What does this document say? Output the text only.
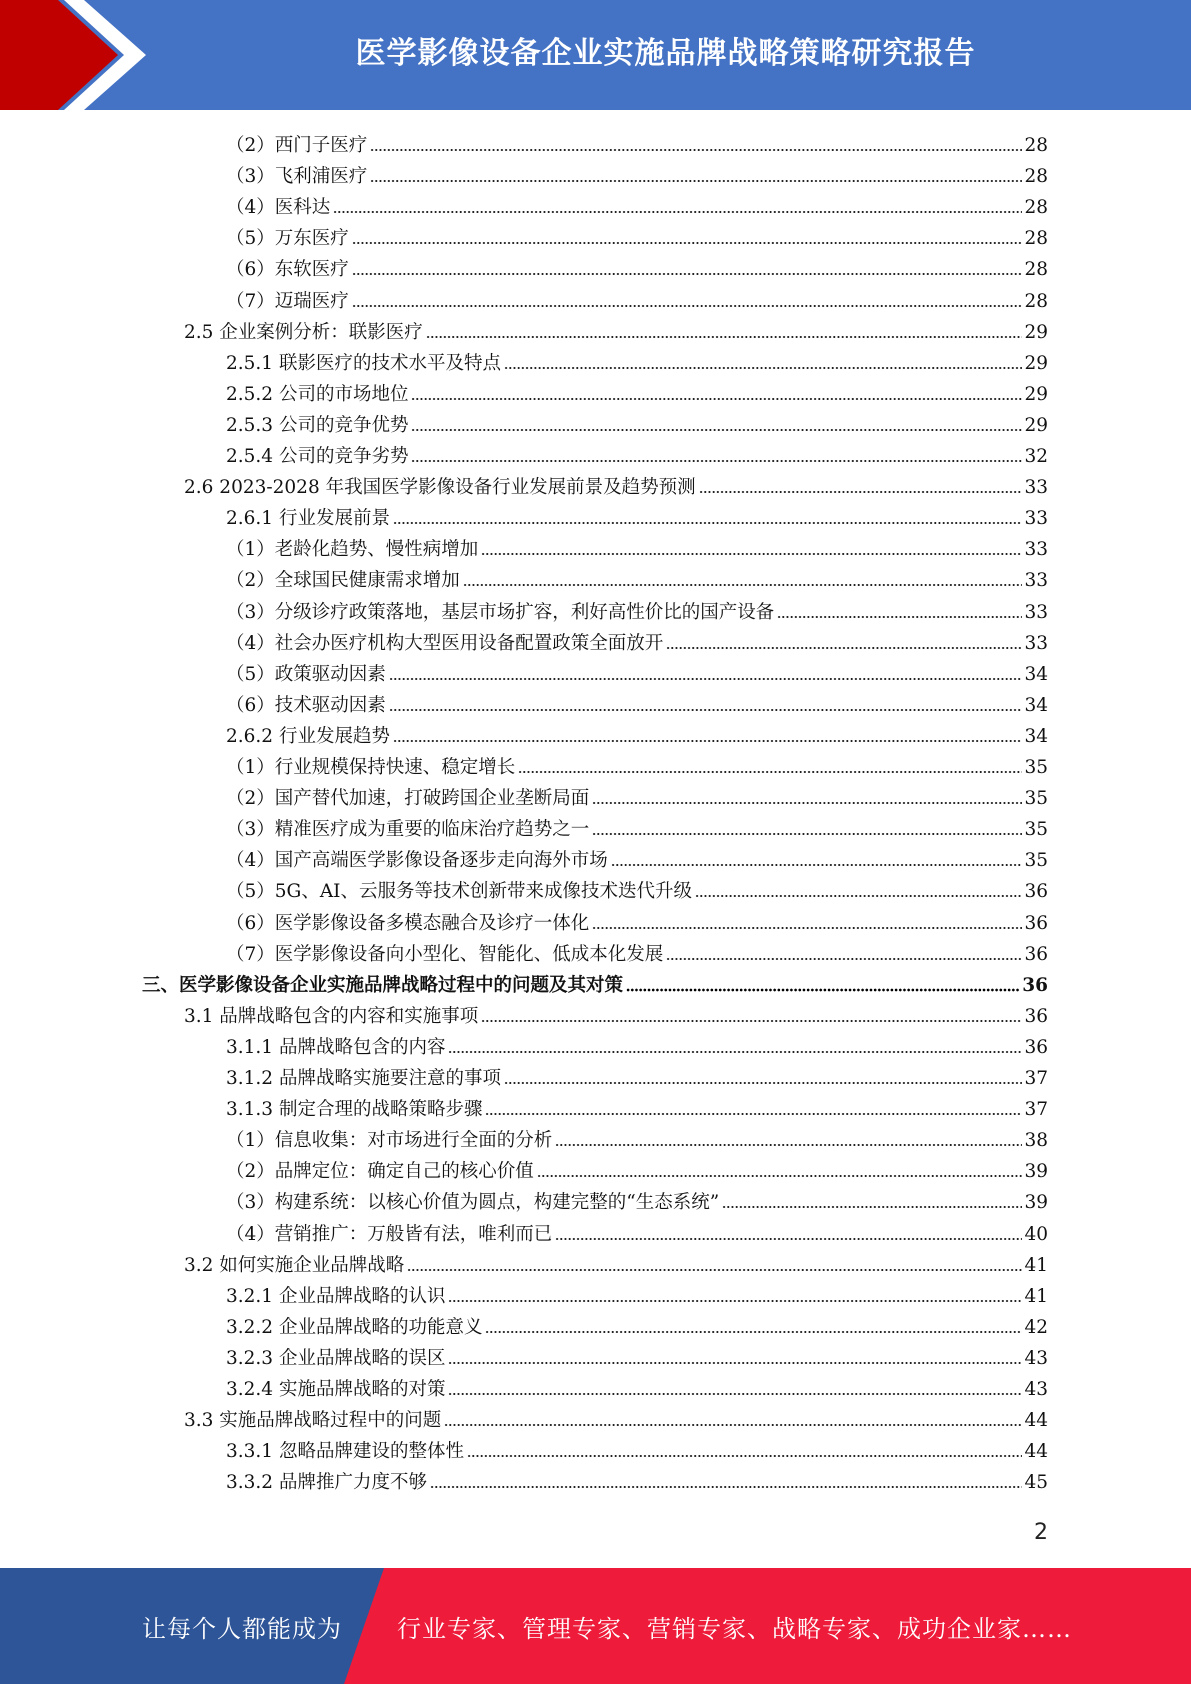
医学影像设备企业实施品牌战略策略研究报告
（2）西门子医疗	28
（3）飞利浦医疗	28
（4）医科达	28
（5）万东医疗	28
（6）东软医疗	28
（7）迈瑞医疗	28
2.5 企业案例分析：联影医疗	29
2.5.1 联影医疗的技术水平及特点	29
2.5.2 公司的市场地位	29
2.5.3 公司的竞争优势	29
2.5.4 公司的竞争劣势	32
2.6 2023-2028 年我国医学影像设备行业发展前景及趋势预测	33
2.6.1 行业发展前景	33
（1）老龄化趋势、慢性病增加	33
（2）全球国民健康需求增加	33
（3）分级诊疗政策落地，基层市场扩容，利好高性价比的国产设备	33
（4）社会办医疗机构大型医用设备配置政策全面放开	33
（5）政策驱动因素	34
（6）技术驱动因素	34
2.6.2 行业发展趋势	34
（1）行业规模保持快速、稳定增长	35
（2）国产替代加速，打破跨国企业垄断局面	35
（3）精准医疗成为重要的临床治疗趋势之一	35
（4）国产高端医学影像设备逐步走向海外市场	35
（5）5G、AI、云服务等技术创新带来成像技术迭代升级	36
（6）医学影像设备多模态融合及诊疗一体化	36
（7）医学影像设备向小型化、智能化、低成本化发展	36
三、医学影像设备企业实施品牌战略过程中的问题及其对策	36
3.1 品牌战略包含的内容和实施事项	36
3.1.1 品牌战略包含的内容	36
3.1.2 品牌战略实施要注意的事项	37
3.1.3 制定合理的战略策略步骤	37
（1）信息收集：对市场进行全面的分析	38
（2）品牌定位：确定自己的核心价值	39
（3）构建系统：以核心价值为圆点，构建完整的“生态系统”	39
（4）营销推广：万般皆有法，唯利而已	40
3.2 如何实施企业品牌战略	41
3.2.1 企业品牌战略的认识	41
3.2.2 企业品牌战略的功能意义	42
3.2.3 企业品牌战略的误区	43
3.2.4 实施品牌战略的对策	43
3.3 实施品牌战略过程中的问题	44
3.3.1 忽略品牌建设的整体性	44
3.3.2 品牌推广力度不够	45
2
让每个人都能成为 行业专家、管理专家、营销专家、战略专家、成功企业家……
